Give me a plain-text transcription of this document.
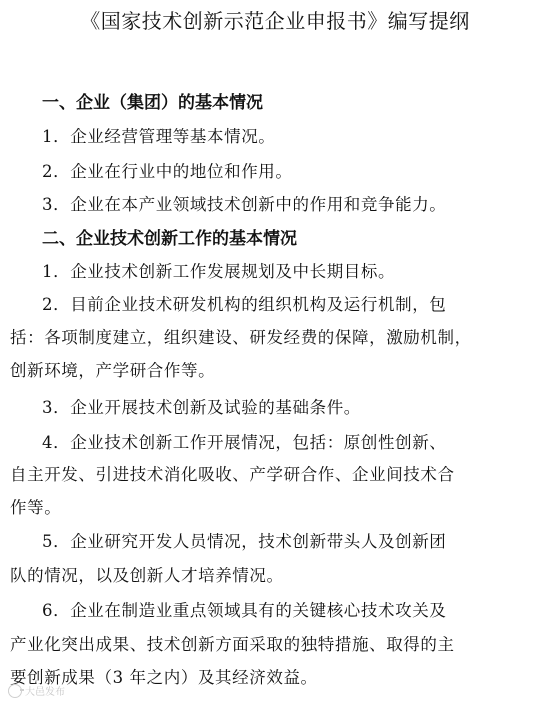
《国家技术创新示范企业申报书》编写提纲
一、企业（集团）的基本情况
1．企业经营管理等基本情况。
2．企业在行业中的地位和作用。
3．企业在本产业领域技术创新中的作用和竞争能力。
二、企业技术创新工作的基本情况
1．企业技术创新工作发展规划及中长期目标。
2．目前企业技术研发机构的组织机构及运行机制，包
括：各项制度建立，组织建设、研发经费的保障，激励机制，
创新环境，产学研合作等。
3．企业开展技术创新及试验的基础条件。
4．企业技术创新工作开展情况，包括：原创性创新、
自主开发、引进技术消化吸收、产学研合作、企业间技术合
作等。
5．企业研究开发人员情况，技术创新带头人及创新团
队的情况，以及创新人才培养情况。
6．企业在制造业重点领域具有的关键核心技术攻关及
产业化突出成果、技术创新方面采取的独特措施、取得的主
要创新成果（3 年之内）及其经济效益。
大邑发布
